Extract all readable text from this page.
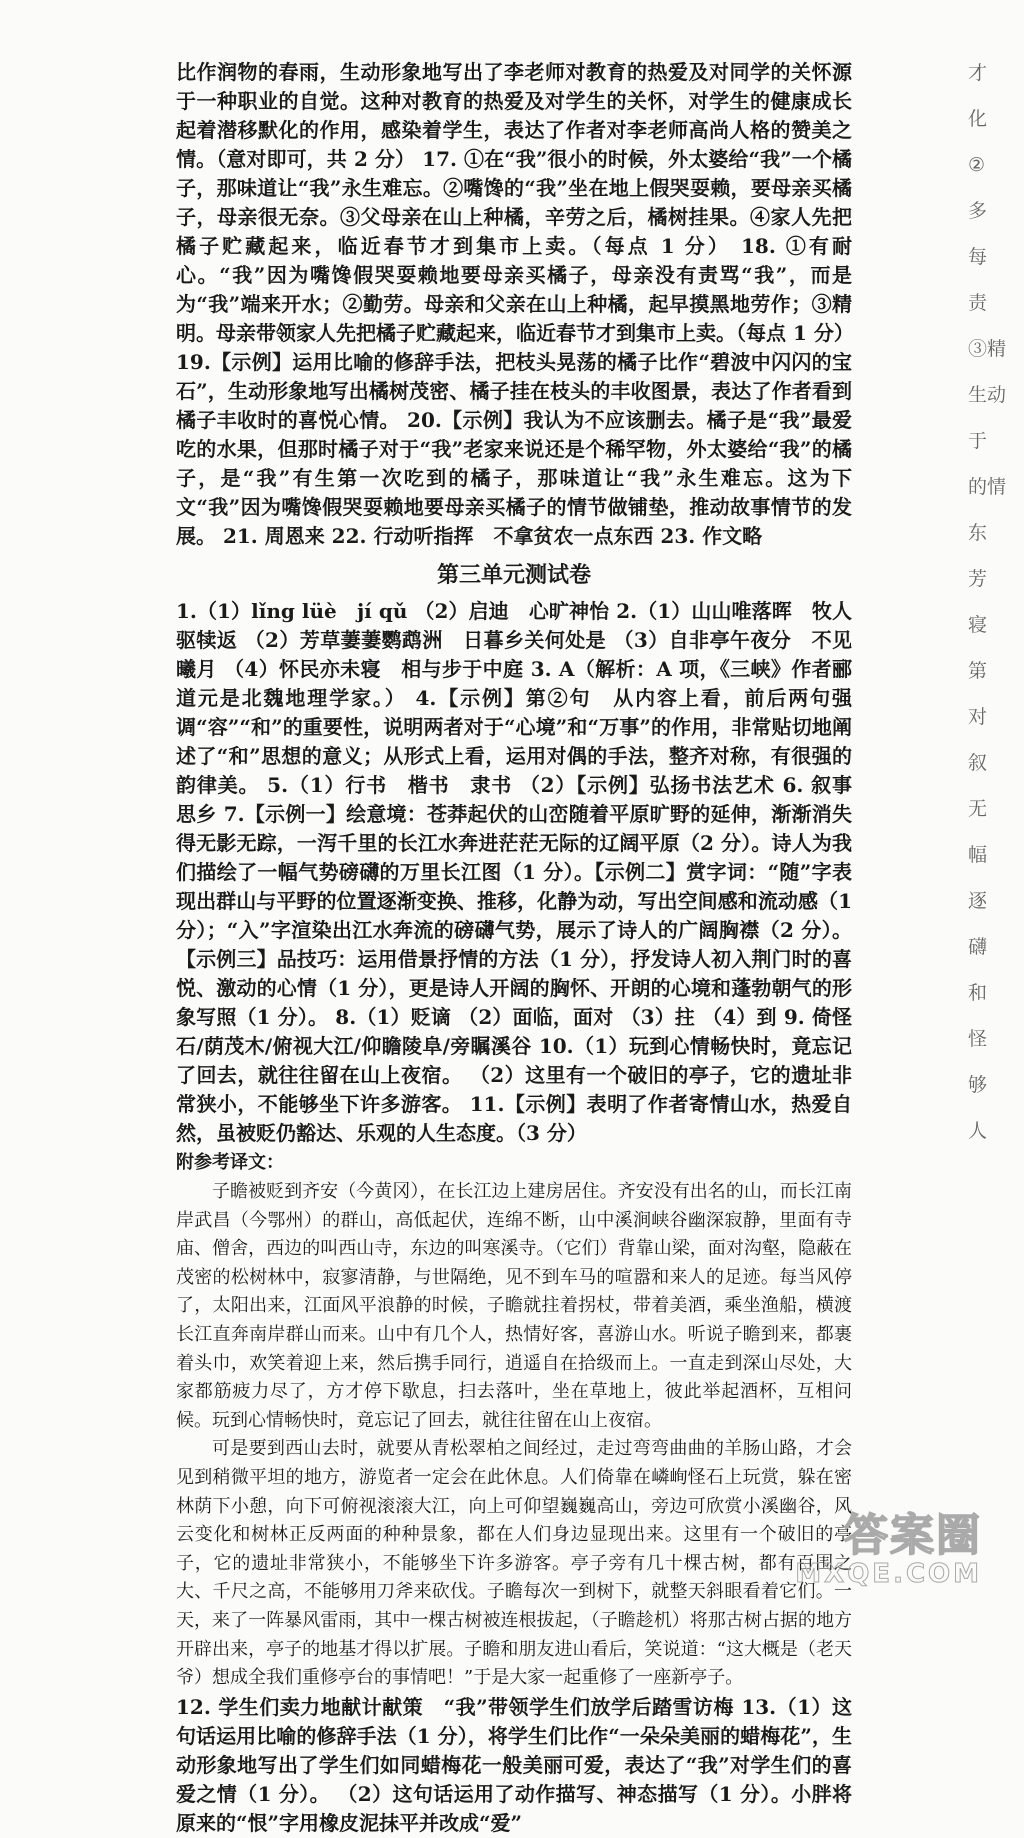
比作润物的春雨，生动形象地写出了李老师对教育的热爱及对同学的关怀源于一种职业的自觉。这种对教育的热爱及对学生的关怀，对学生的健康成长起着潜移默化的作用，感染着学生，表达了作者对李老师高尚人格的赞美之情。（意对即可，共 2 分） 17. ①在“我”很小的时候，外太婆给“我”一个橘子，那味道让“我”永生难忘。②嘴馋的“我”坐在地上假哭耍赖，要母亲买橘子，母亲很无奈。③父母亲在山上种橘，辛劳之后，橘树挂果。④家人先把橘子贮藏起来，临近春节才到集市上卖。（每点 1 分） 18. ①有耐心。“我”因为嘴馋假哭耍赖地要母亲买橘子，母亲没有责骂“我”，而是为“我”端来开水；②勤劳。母亲和父亲在山上种橘，起早摸黑地劳作；③精明。母亲带领家人先把橘子贮藏起来，临近春节才到集市上卖。（每点 1 分）

19.【示例】运用比喻的修辞手法，把枝头晃荡的橘子比作“碧波中闪闪的宝石”，生动形象地写出橘树茂密、橘子挂在枝头的丰收图景，表达了作者看到橘子丰收时的喜悦心情。 20.【示例】我认为不应该删去。橘子是“我”最爱吃的水果，但那时橘子对于“我”老家来说还是个稀罕物，外太婆给“我”的橘子，是“我”有生第一次吃到的橘子，那味道让“我”永生难忘。这为下文“我”因为嘴馋假哭耍赖地要母亲买橘子的情节做铺垫，推动故事情节的发展。 21. 周恩来 22. 行动听指挥　不拿贫农一点东西 23. 作文略

第三单元测试卷

1.（1）lǐng lüè　jí qǔ （2）启迪　心旷神怡 2.（1）山山唯落晖　牧人驱犊返 （2）芳草萋萋鹦鹉洲　日暮乡关何处是 （3）自非亭午夜分　不见曦月 （4）怀民亦未寝　相与步于中庭 3. A（解析：A 项，《三峡》作者郦道元是北魏地理学家。） 4.【示例】第②句　从内容上看，前后两句强调“容”“和”的重要性，说明两者对于“心境”和“万事”的作用，非常贴切地阐述了“和”思想的意义；从形式上看，运用对偶的手法，整齐对称，有很强的韵律美。 5.（1）行书　楷书　隶书 （2）【示例】弘扬书法艺术 6. 叙事　思乡 7.【示例一】绘意境：苍莽起伏的山峦随着平原旷野的延伸，渐渐消失得无影无踪，一泻千里的长江水奔进茫茫无际的辽阔平原（2 分）。诗人为我们描绘了一幅气势磅礴的万里长江图（1 分）。【示例二】赏字词：“随”字表现出群山与平野的位置逐渐变换、推移，化静为动，写出空间感和流动感（1 分）；“入”字渲染出江水奔流的磅礴气势，展示了诗人的广阔胸襟（2 分）。【示例三】品技巧：运用借景抒情的方法（1 分），抒发诗人初入荆门时的喜悦、激动的心情（1 分），更是诗人开阔的胸怀、开朗的心境和蓬勃朝气的形象写照（1 分）。 8.（1）贬谪 （2）面临，面对 （3）拄 （4）到 9. 倚怪石/荫茂木/俯视大江/仰瞻陵阜/旁瞩溪谷 10.（1）玩到心情畅快时，竟忘记了回去，就往往留在山上夜宿。 （2）这里有一个破旧的亭子，它的遗址非常狭小，不能够坐下许多游客。 11.【示例】表明了作者寄情山水，热爱自然，虽被贬仍豁达、乐观的人生态度。（3 分）

附参考译文：

子瞻被贬到齐安（今黄冈），在长江边上建房居住。齐安没有出名的山，而长江南岸武昌（今鄂州）的群山，高低起伏，连绵不断，山中溪涧峡谷幽深寂静，里面有寺庙、僧舍，西边的叫西山寺，东边的叫寒溪寺。（它们）背靠山梁，面对沟壑，隐蔽在茂密的松树林中，寂寥清静，与世隔绝，见不到车马的喧嚣和来人的足迹。每当风停了，太阳出来，江面风平浪静的时候，子瞻就拄着拐杖，带着美酒，乘坐渔船，横渡长江直奔南岸群山而来。山中有几个人，热情好客，喜游山水。听说子瞻到来，都裹着头巾，欢笑着迎上来，然后携手同行，逍遥自在拾级而上。一直走到深山尽处，大家都筋疲力尽了，方才停下歇息，扫去落叶，坐在草地上，彼此举起酒杯，互相问候。玩到心情畅快时，竟忘记了回去，就往往留在山上夜宿。

可是要到西山去时，就要从青松翠柏之间经过，走过弯弯曲曲的羊肠山路，才会见到稍微平坦的地方，游览者一定会在此休息。人们倚靠在嶙峋怪石上玩赏，躲在密林荫下小憩，向下可俯视滚滚大江，向上可仰望巍巍高山，旁边可欣赏小溪幽谷，风云变化和树林正反两面的种种景象，都在人们身边显现出来。这里有一个破旧的亭子，它的遗址非常狭小，不能够坐下许多游客。亭子旁有几十棵古树，都有百围之大、千尺之高，不能够用刀斧来砍伐。子瞻每次一到树下，就整天斜眼看着它们。一天，来了一阵暴风雷雨，其中一棵古树被连根拔起，（子瞻趁机）将那古树占据的地方开辟出来，亭子的地基才得以扩展。子瞻和朋友进山看后，笑说道：“这大概是（老天爷）想成全我们重修亭台的事情吧！”于是大家一起重修了一座新亭子。

12. 学生们卖力地献计献策　“我”带领学生们放学后踏雪访梅 13.（1）这句话运用比喻的修辞手法（1 分），将学生们比作“一朵朵美丽的蜡梅花”，生动形象地写出了学生们如同蜡梅花一般美丽可爱，表达了“我”对学生们的喜爱之情（1 分）。 （2）这句话运用了动作描写、神态描写（1 分）。小胖将原来的“恨”字用橡皮泥抹平并改成“爱”

才
化
②
多
每
责
③精
生动
于
的情
东
芳
寝
第
对
叙
无
幅
逐
礴
和
怪
够
人
答案圈
MXQE.COM
